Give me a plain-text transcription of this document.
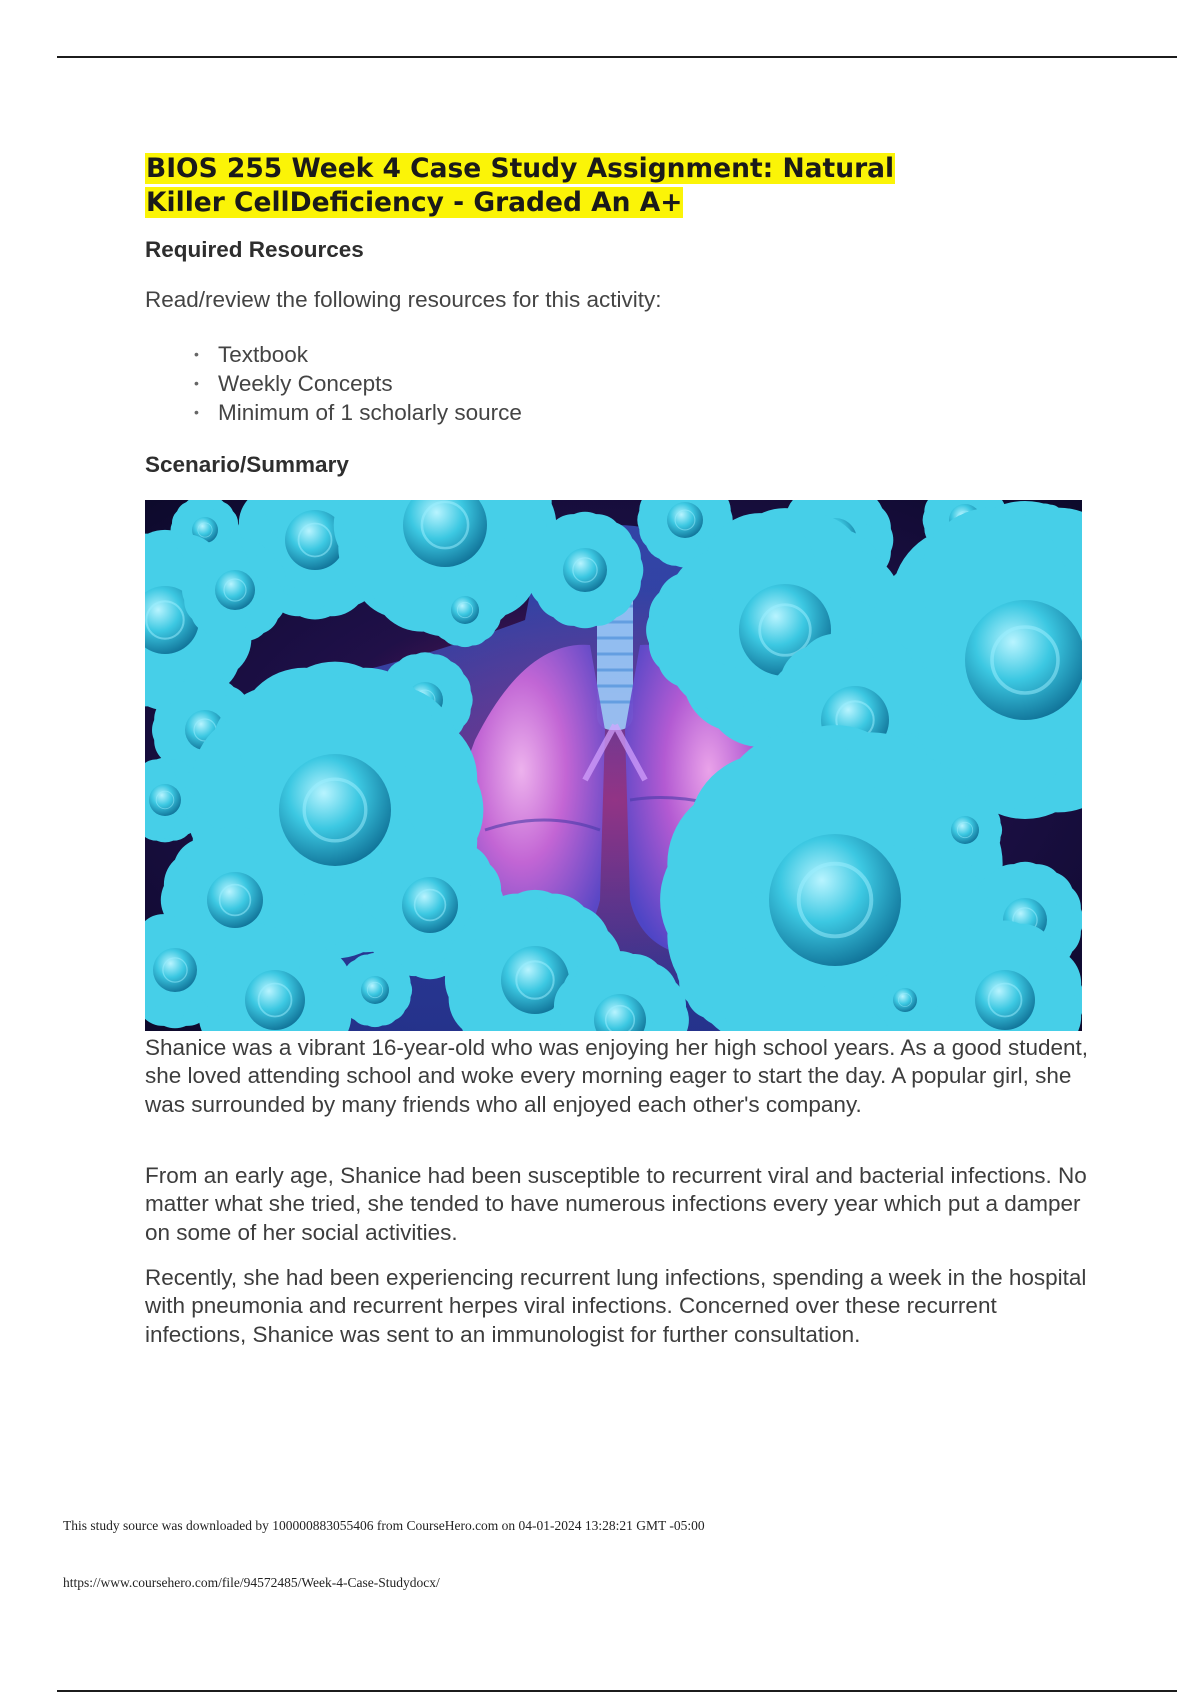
BIOS 255 Week 4 Case Study Assignment: Natural Killer CellDeficiency - Graded An A+
Required Resources

Read/review the following resources for this activity:

• Textbook
• Weekly Concepts
• Minimum of 1 scholarly source
Scenario/Summary

Shanice was a vibrant 16-year-old who was enjoying her high school years. As a good student, she loved attending school and woke every morning eager to start the day. A popular girl, she was surrounded by many friends who all enjoyed each other's company.

From an early age, Shanice had been susceptible to recurrent viral and bacterial infections. No matter what she tried, she tended to have numerous infections every year which put a damper on some of her social activities.

Recently, she had been experiencing recurrent lung infections, spending a week in the hospital with pneumonia and recurrent herpes viral infections. Concerned over these recurrent infections, Shanice was sent to an immunologist for further consultation.

This study source was downloaded by 100000883055406 from CourseHero.com on 04-01-2024 13:28:21 GMT -05:00

https://www.coursehero.com/file/94572485/Week-4-Case-Studydocx/
